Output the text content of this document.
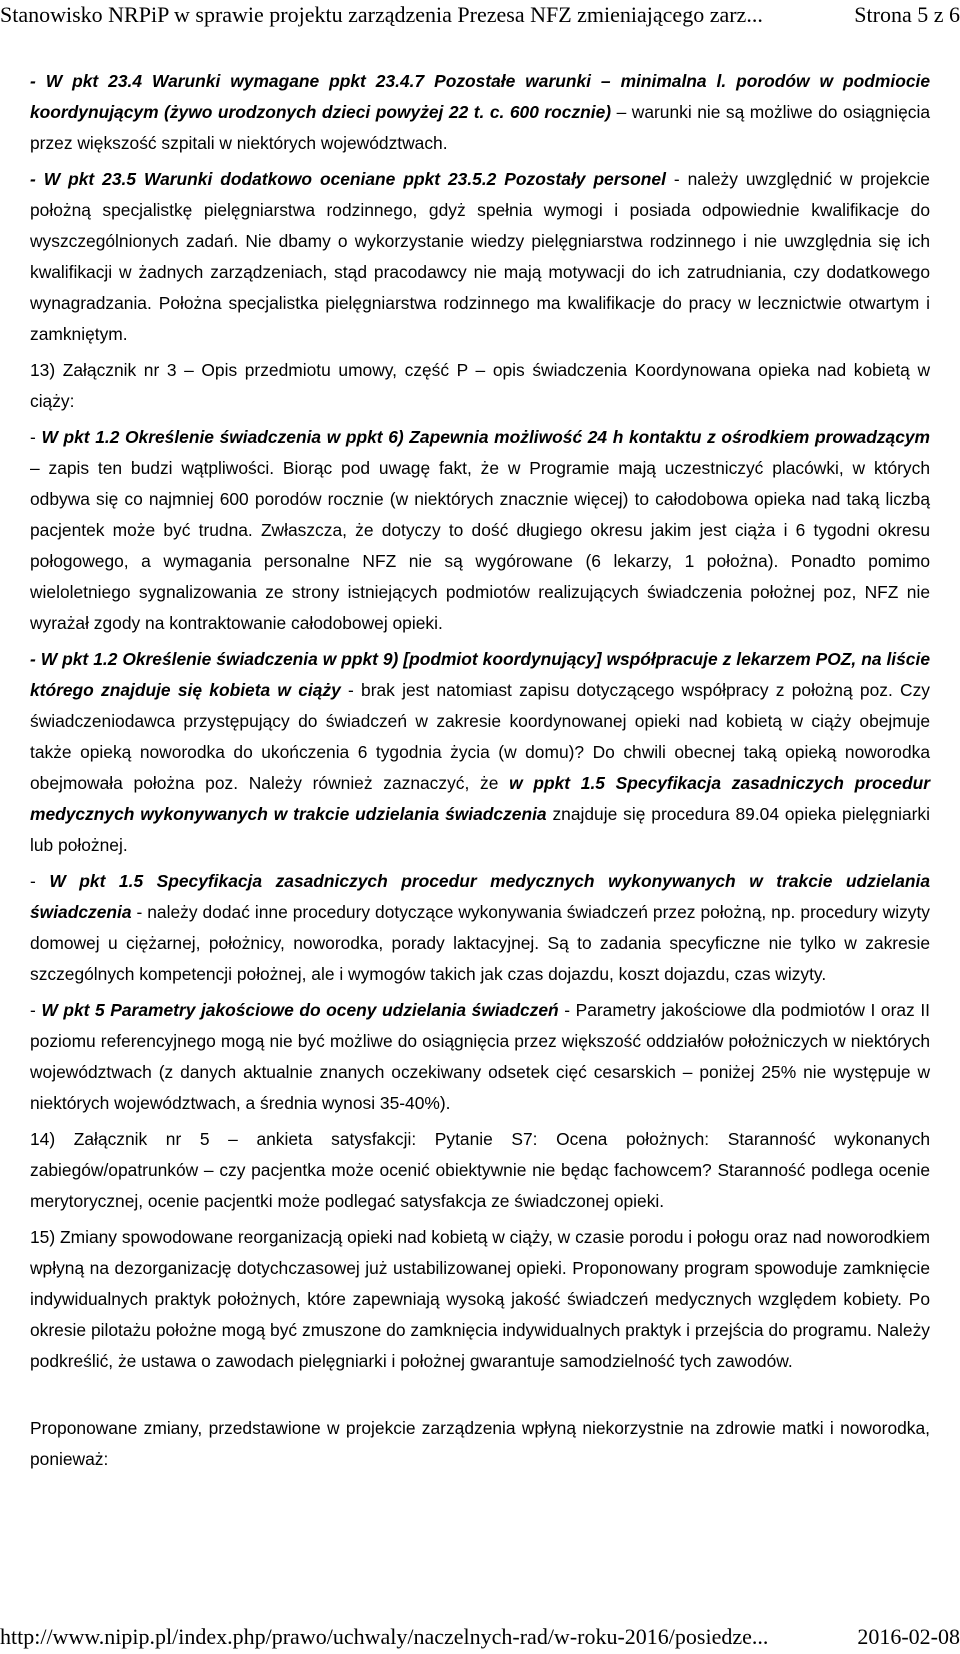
Stanowisko NRPiP w sprawie projektu zarządzenia Prezesa NFZ zmieniającego zarz...	Strona 5 z 6

- W pkt 23.4 Warunki wymagane ppkt 23.4.7 Pozostałe warunki – minimalna l. porodów w podmiocie koordynującym (żywo urodzonych dzieci powyżej 22 t. c. 600 rocznie) – warunki nie są możliwe do osiągnięcia przez większość szpitali w niektórych województwach.

- W pkt 23.5 Warunki dodatkowo oceniane ppkt 23.5.2 Pozostały personel - należy uwzględnić w projekcie położną specjalistkę pielęgniarstwa rodzinnego, gdyż spełnia wymogi i posiada odpowiednie kwalifikacje do wyszczególnionych zadań. Nie dbamy o wykorzystanie wiedzy pielęgniarstwa rodzinnego i nie uwzględnia się ich kwalifikacji w żadnych zarządzeniach, stąd pracodawcy nie mają motywacji do ich zatrudniania, czy dodatkowego wynagradzania. Położna specjalistka pielęgniarstwa rodzinnego ma kwalifikacje do pracy w lecznictwie otwartym i zamkniętym.

13) Załącznik nr 3 – Opis przedmiotu umowy, część P – opis świadczenia Koordynowana opieka nad kobietą w ciąży:

- W pkt 1.2 Określenie świadczenia w ppkt 6) Zapewnia możliwość 24 h kontaktu z ośrodkiem prowadzącym – zapis ten budzi wątpliwości. Biorąc pod uwagę fakt, że w Programie mają uczestniczyć placówki, w których odbywa się co najmniej 600 porodów rocznie (w niektórych znacznie więcej) to całodobowa opieka nad taką liczbą pacjentek może być trudna. Zwłaszcza, że dotyczy to dość długiego okresu jakim jest ciąża i 6 tygodni okresu połogowego, a wymagania personalne NFZ nie są wygórowane (6 lekarzy, 1 położna). Ponadto pomimo wieloletniego sygnalizowania ze strony istniejących podmiotów realizujących świadczenia położnej poz, NFZ nie wyrażał zgody na kontraktowanie całodobowej opieki.

- W pkt 1.2 Określenie świadczenia w ppkt 9) [podmiot koordynujący] współpracuje z lekarzem POZ, na liście którego znajduje się kobieta w ciąży - brak jest natomiast zapisu dotyczącego współpracy z położną poz. Czy świadczeniodawca przystępujący do świadczeń w zakresie koordynowanej opieki nad kobietą w ciąży obejmuje także opieką noworodka do ukończenia 6 tygodnia życia (w domu)? Do chwili obecnej taką opieką noworodka obejmowała położna poz. Należy również zaznaczyć, że w ppkt 1.5 Specyfikacja zasadniczych procedur medycznych wykonywanych w trakcie udzielania świadczenia znajduje się procedura 89.04 opieka pielęgniarki lub położnej.

- W pkt 1.5 Specyfikacja zasadniczych procedur medycznych wykonywanych w trakcie udzielania świadczenia - należy dodać inne procedury dotyczące wykonywania świadczeń przez położną, np. procedury wizyty domowej u ciężarnej, położnicy, noworodka, porady laktacyjnej. Są to zadania specyficzne nie tylko w zakresie szczególnych kompetencji położnej, ale i wymogów takich jak czas dojazdu, koszt dojazdu, czas wizyty.

- W pkt 5 Parametry jakościowe do oceny udzielania świadczeń - Parametry jakościowe dla podmiotów I oraz II poziomu referencyjnego mogą nie być możliwe do osiągnięcia przez większość oddziałów położniczych w niektórych województwach (z danych aktualnie znanych oczekiwany odsetek cięć cesarskich – poniżej 25% nie występuje w niektórych województwach, a średnia wynosi 35-40%).

14) Załącznik nr 5 – ankieta satysfakcji: Pytanie S7: Ocena położnych: Staranność wykonanych zabiegów/opatrunków – czy pacjentka może ocenić obiektywnie nie będąc fachowcem? Staranność podlega ocenie merytorycznej, ocenie pacjentki może podlegać satysfakcja ze świadczonej opieki.

15) Zmiany spowodowane reorganizacją opieki nad kobietą w ciąży, w czasie porodu i połogu oraz nad noworodkiem wpłyną na dezorganizację dotychczasowej już ustabilizowanej opieki. Proponowany program spowoduje zamknięcie indywidualnych praktyk położnych, które zapewniają wysoką jakość świadczeń medycznych względem kobiety. Po okresie pilotażu położne mogą być zmuszone do zamknięcia indywidualnych praktyk i przejścia do programu. Należy podkreślić, że ustawa o zawodach pielęgniarki i położnej gwarantuje samodzielność tych zawodów.

Proponowane zmiany, przedstawione w projekcie zarządzenia wpłyną niekorzystnie na zdrowie matki i noworodka, ponieważ:

http://www.nipip.pl/index.php/prawo/uchwaly/naczelnych-rad/w-roku-2016/posiedze...	2016-02-08
